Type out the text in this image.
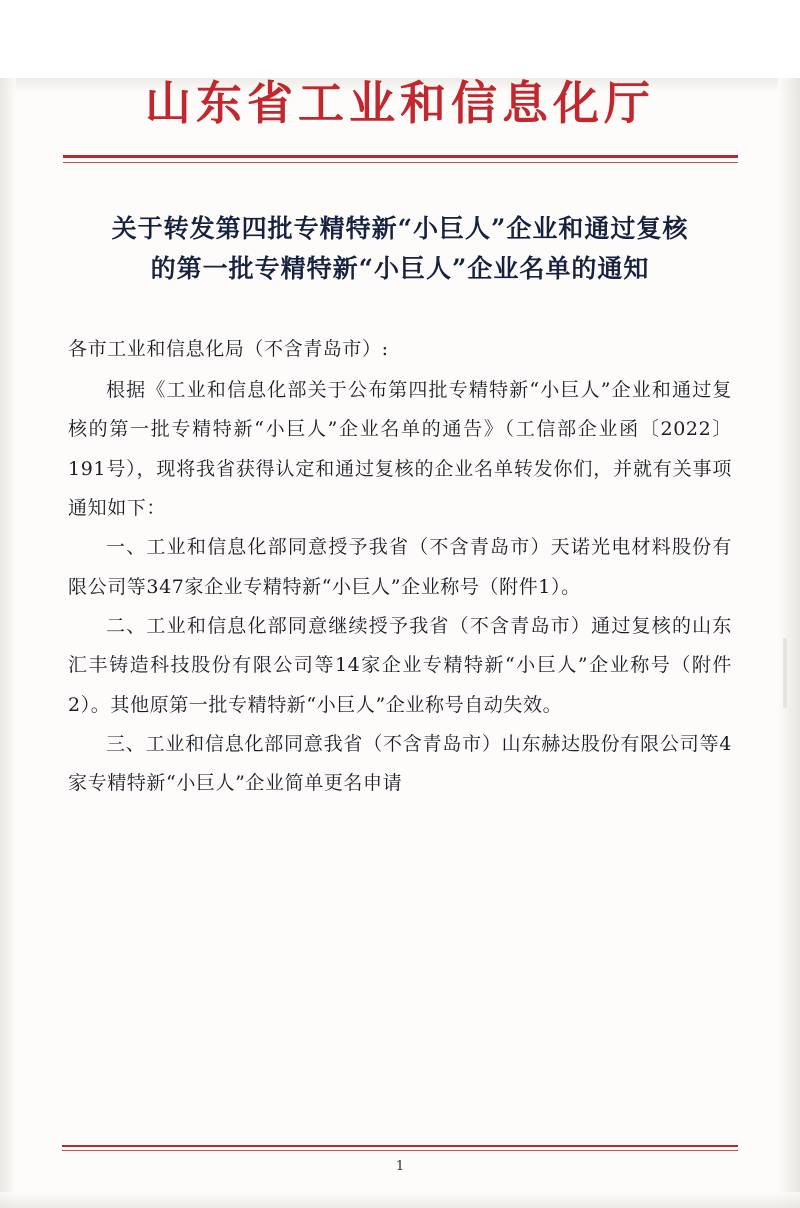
山东省工业和信息化厅
关于转发第四批专精特新“小巨人”企业和通过复核的第一批专精特新“小巨人”企业名单的通知

各市工业和信息化局（不含青岛市）:

根据《工业和信息化部关于公布第四批专精特新“小巨人”企业和通过复核的第一批专精特新“小巨人”企业名单的通告》（工信部企业函〔2022〕191号），现将我省获得认定和通过复核的企业名单转发你们，并就有关事项通知如下：

一、工业和信息化部同意授予我省（不含青岛市）天诺光电材料股份有限公司等347家企业专精特新“小巨人”企业称号（附件1）。

二、工业和信息化部同意继续授予我省（不含青岛市）通过复核的山东汇丰铸造科技股份有限公司等14家企业专精特新“小巨人”企业称号（附件2）。其他原第一批专精特新“小巨人”企业称号自动失效。

三、工业和信息化部同意我省（不含青岛市）山东赫达股份有限公司等4家专精特新“小巨人”企业简单更名申请

1
